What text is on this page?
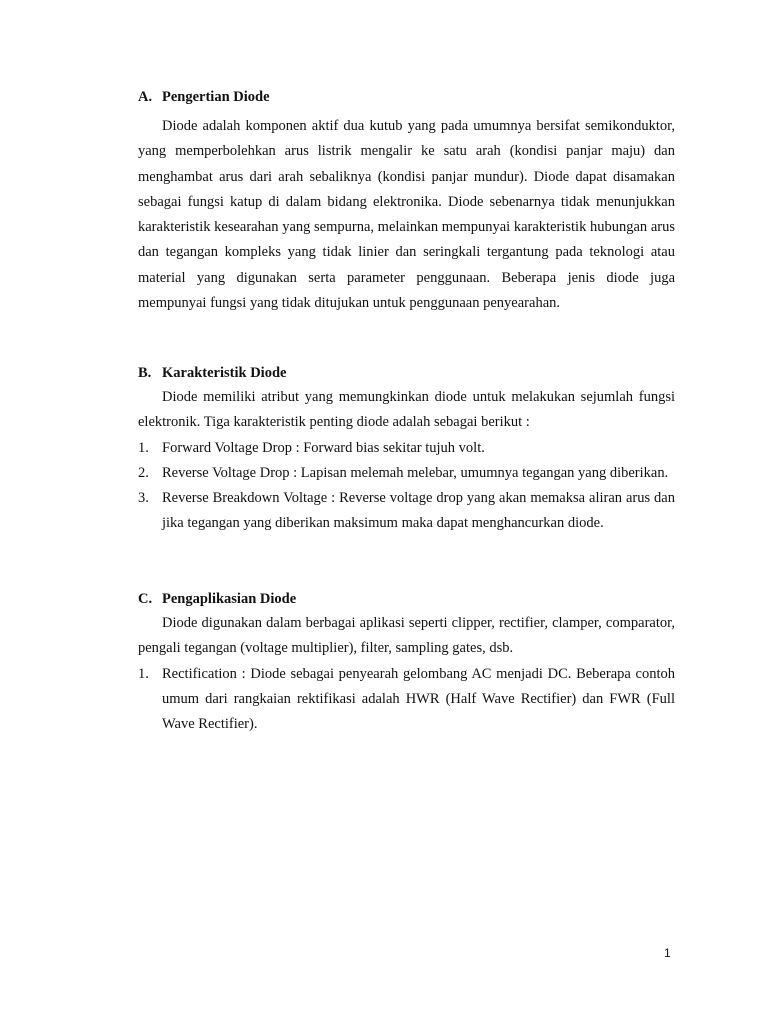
A. Pengertian Diode

Diode adalah komponen aktif dua kutub yang pada umumnya bersifat semikonduktor, yang memperbolehkan arus listrik mengalir ke satu arah (kondisi panjar maju) dan menghambat arus dari arah sebaliknya (kondisi panjar mundur). Diode dapat disamakan sebagai fungsi katup di dalam bidang elektronika. Diode sebenarnya tidak menunjukkan karakteristik kesearahan yang sempurna, melainkan mempunyai karakteristik hubungan arus dan tegangan kompleks yang tidak linier dan seringkali tergantung pada teknologi atau material yang digunakan serta parameter penggunaan. Beberapa jenis diode juga mempunyai fungsi yang tidak ditujukan untuk penggunaan penyearahan.

B. Karakteristik Diode

Diode memiliki atribut yang memungkinkan diode untuk melakukan sejumlah fungsi elektronik. Tiga karakteristik penting diode adalah sebagai berikut :

1. Forward Voltage Drop : Forward bias sekitar tujuh volt.
2. Reverse Voltage Drop : Lapisan melemah melebar, umumnya tegangan yang diberikan.
3. Reverse Breakdown Voltage : Reverse voltage drop yang akan memaksa aliran arus dan jika tegangan yang diberikan maksimum maka dapat menghancurkan diode.
C. Pengaplikasian Diode

Diode digunakan dalam berbagai aplikasi seperti clipper, rectifier, clamper, comparator, pengali tegangan (voltage multiplier), filter, sampling gates, dsb.

1. Rectification : Diode sebagai penyearah gelombang AC menjadi DC. Beberapa contoh umum dari rangkaian rektifikasi adalah HWR (Half Wave Rectifier) dan FWR (Full Wave Rectifier).
1
